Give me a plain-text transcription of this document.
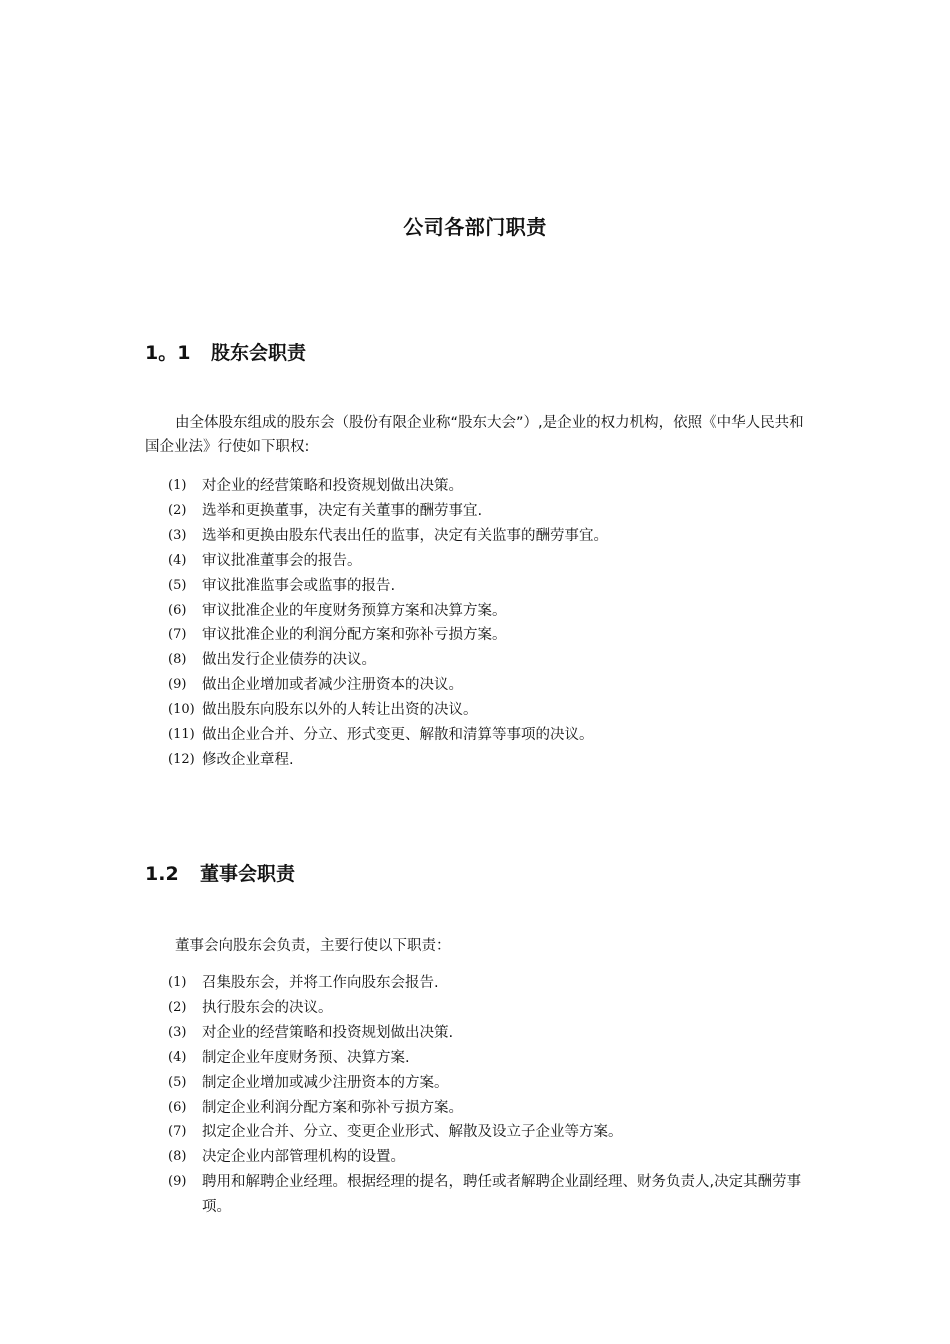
公司各部门职责
1。1 股东会职责

由全体股东组成的股东会（股份有限企业称“股东大会”）,是企业的权力机构，依照《中华人民共和国企业法》行使如下职权:

(1) 对企业的经营策略和投资规划做出决策。
(2) 选举和更换董事，决定有关董事的酬劳事宜.
(3) 选举和更换由股东代表出任的监事，决定有关监事的酬劳事宜。
(4) 审议批准董事会的报告。
(5) 审议批准监事会或监事的报告.
(6) 审议批准企业的年度财务预算方案和决算方案。
(7) 审议批准企业的利润分配方案和弥补亏损方案。
(8) 做出发行企业债券的决议。
(9) 做出企业增加或者减少注册资本的决议。
(10) 做出股东向股东以外的人转让出资的决议。
(11) 做出企业合并、分立、形式变更、解散和清算等事项的决议。
(12) 修改企业章程.
1.2 董事会职责

董事会向股东会负责，主要行使以下职责：

(1) 召集股东会，并将工作向股东会报告.
(2) 执行股东会的决议。
(3) 对企业的经营策略和投资规划做出决策.
(4) 制定企业年度财务预、决算方案.
(5) 制定企业增加或减少注册资本的方案。
(6) 制定企业利润分配方案和弥补亏损方案。
(7) 拟定企业合并、分立、变更企业形式、解散及设立子企业等方案。
(8) 决定企业内部管理机构的设置。
(9) 聘用和解聘企业经理。根据经理的提名，聘任或者解聘企业副经理、财务负责人,决定其酬劳事项。
